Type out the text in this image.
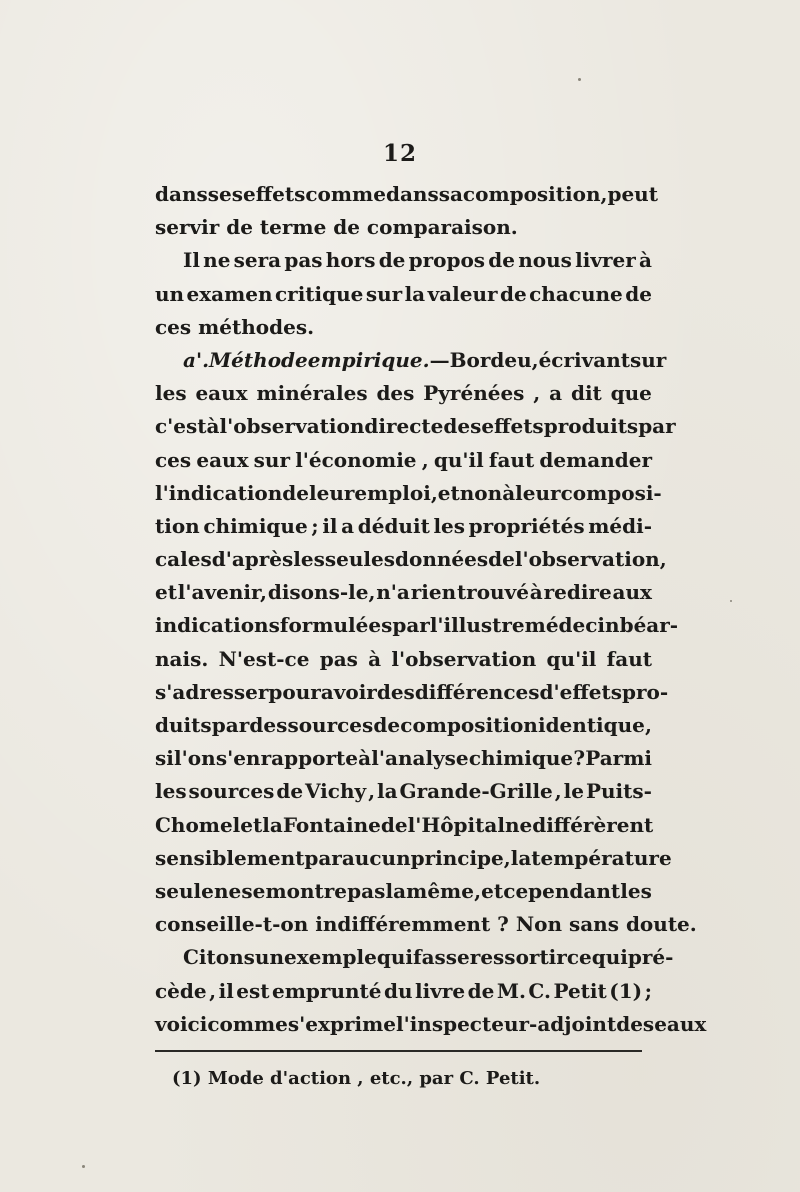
12
dans ses effets comme dans sa composition , peut
servir de terme de comparaison.
Il ne sera pas hors de propos de nous livrer à
un examen critique sur la valeur de chacune de
ces méthodes.
a'. Méthode empirique. — Bordeu, écrivant sur
les eaux minérales des Pyrénées , a dit que
c'est à l'observation directe des effets produits par
ces eaux sur l'économie , qu'il faut demander
l'indication de leur emploi, et non à leur composi-
tion chimique ; il a déduit les propriétés médi-
cales d'après les seules données de l'observation,
et l'avenir, disons-le, n'a rien trouvé à redire aux
indications formulées par l'illustre médecin béar-
nais. N'est-ce pas à l'observation qu'il faut
s'adresser pour avoir des différences d'effets pro-
duits par des sources de composition identique ,
si l'on s'en rapporte à l'analyse chimique ? Parmi
les sources de Vichy , la Grande-Grille , le Puits-
Chomel et la Fontaine de l'Hôpital ne différèrent
sensiblement par aucun principe , la température
seule ne se montre pas la même , et cependant les
conseille-t-on indifféremment ? Non sans doute.
Citons un exemple qui fasse ressortir ce qui pré-
cède , il est emprunté du livre de M. C. Petit (1) ;
voici comme s'exprime l'inspecteur-adjoint des eaux
(1) Mode d'action , etc., par C. Petit.
